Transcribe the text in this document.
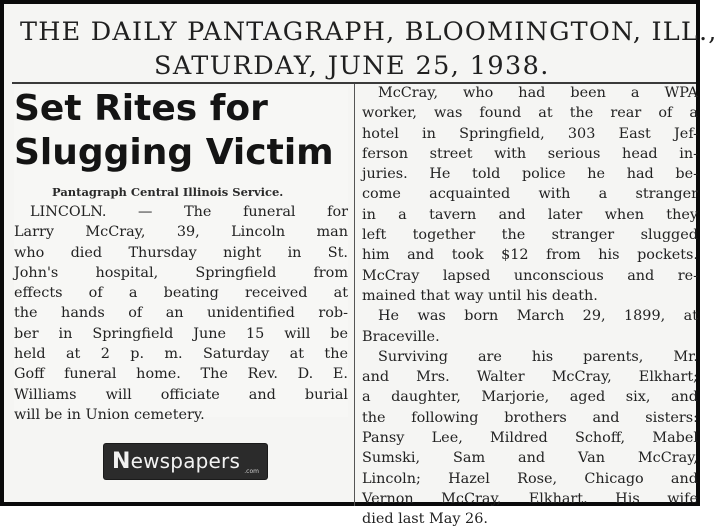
THE DAILY PANTAGRAPH, BLOOMINGTON, ILL.,
SATURDAY, JUNE 25, 1938.
Set Rites for
Slugging Victim
Pantagraph Central Illinois Service.
LINCOLN. — The funeral for
Larry McCray, 39, Lincoln man
who died Thursday night in St.
John's hospital, Springfield from
effects of a beating received at
the hands of an unidentified rob-
ber in Springfield June 15 will be
held at 2 p. m. Saturday at the
Goff funeral home. The Rev. D. E.
Williams will officiate and burial
will be in Union cemetery.
McCray, who had been a WPA
worker, was found at the rear of a
hotel in Springfield, 303 East Jef-
ferson street with serious head in-
juries. He told police he had be-
come acquainted with a stranger
in a tavern and later when they
left together the stranger slugged
him and took $12 from his pockets.
McCray lapsed unconscious and re-
mained that way until his death.
He was born March 29, 1899, at
Braceville.
Surviving are his parents, Mr.
and Mrs. Walter McCray, Elkhart;
a daughter, Marjorie, aged six, and
the following brothers and sisters:
Pansy Lee, Mildred Schoff, Mabel
Sumski, Sam and Van McCray,
Lincoln; Hazel Rose, Chicago and
Vernon McCray, Elkhart. His wife
died last May 26.
Newspapers .com
